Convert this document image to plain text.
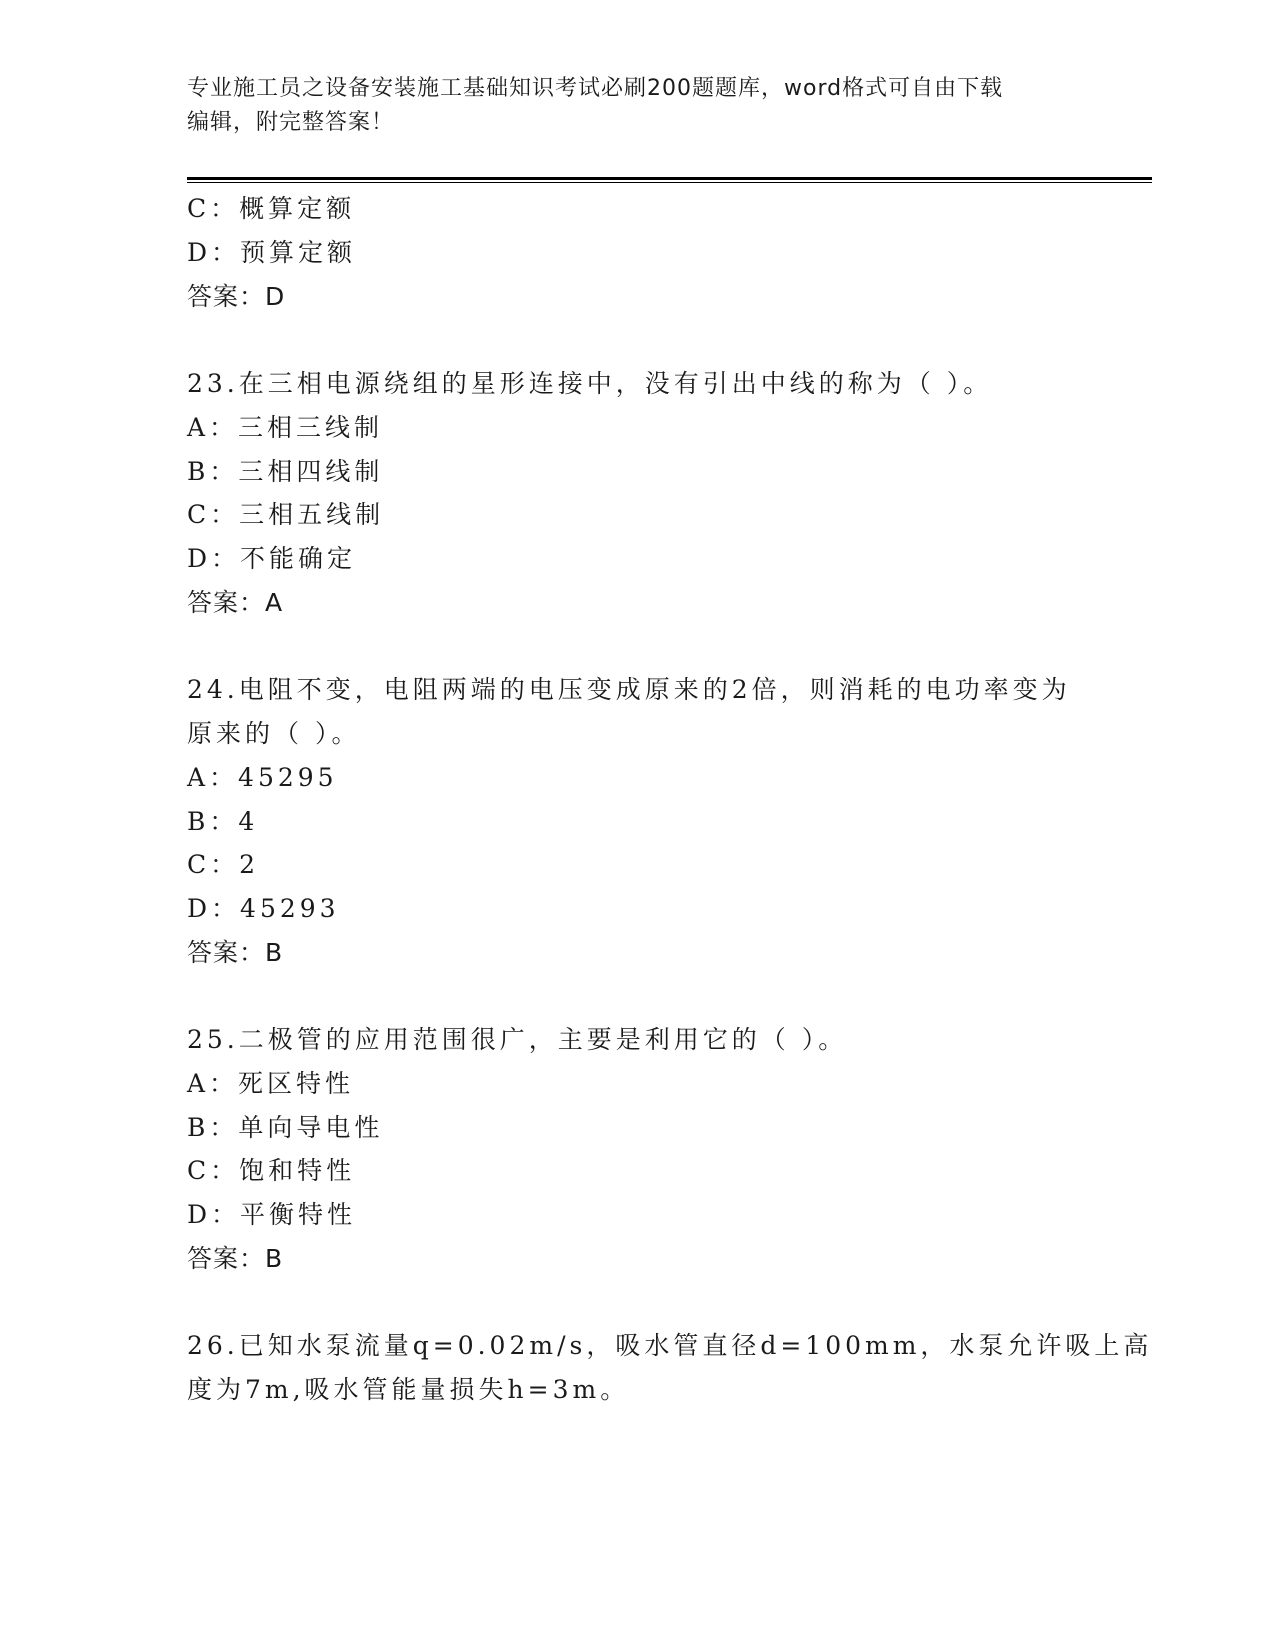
专业施工员之设备安装施工基础知识考试必刷200题题库，word格式可自由下载
编辑，附完整答案！
C：概算定额
D：预算定额
答案：D
23.在三相电源绕组的星形连接中，没有引出中线的称为（ ）。
A：三相三线制
B：三相四线制
C：三相五线制
D：不能确定
答案：A
24.电阻不变，电阻两端的电压变成原来的2倍，则消耗的电功率变为
原来的（ ）。
A：45295
B：4
C：2
D：45293
答案：B
25.二极管的应用范围很广，主要是利用它的（ ）。
A：死区特性
B：单向导电性
C：饱和特性
D：平衡特性
答案：B
26.已知水泵流量q=0.02m/s，吸水管直径d=100mm，水泵允许吸上高
度为7m,吸水管能量损失h=3m。
